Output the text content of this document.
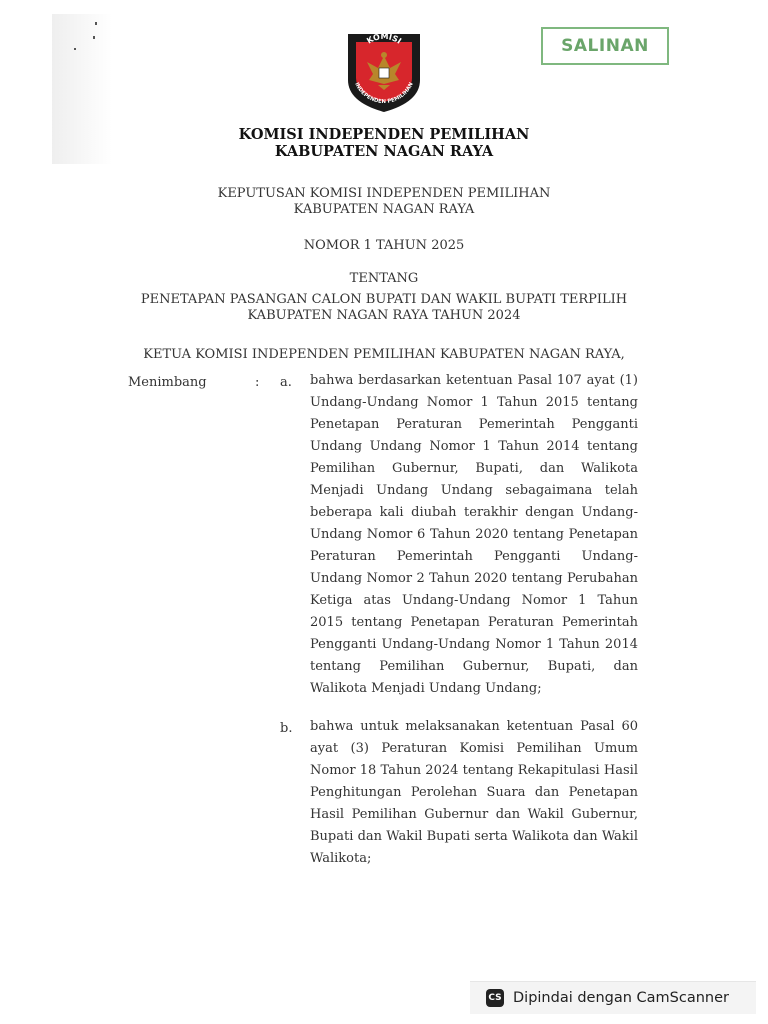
KOMISI
INDEPENDEN PEMILIHAN
SALINAN
KOMISI INDEPENDEN PEMILIHAN
KABUPATEN NAGAN RAYA
KEPUTUSAN KOMISI INDEPENDEN PEMILIHAN
KABUPATEN NAGAN RAYA
NOMOR 1 TAHUN 2025
TENTANG
PENETAPAN PASANGAN CALON BUPATI DAN WAKIL BUPATI TERPILIH
KABUPATEN NAGAN RAYA TAHUN 2024
KETUA KOMISI INDEPENDEN PEMILIHAN KABUPATEN NAGAN RAYA,
Menimbang	: a. bahwa berdasarkan ketentuan Pasal 107 ayat (1) Undang-Undang Nomor 1 Tahun 2015 tentang Penetapan Peraturan Pemerintah Pengganti Undang Undang Nomor 1 Tahun 2014 tentang Pemilihan Gubernur, Bupati, dan Walikota Menjadi Undang Undang sebagaimana telah beberapa kali diubah terakhir dengan Undang-Undang Nomor 6 Tahun 2020 tentang Penetapan Peraturan Pemerintah Pengganti Undang-Undang Nomor 2 Tahun 2020 tentang Perubahan Ketiga atas Undang-Undang Nomor 1 Tahun 2015 tentang Penetapan Peraturan Pemerintah Pengganti Undang-Undang Nomor 1 Tahun 2014 tentang Pemilihan Gubernur, Bupati, dan Walikota Menjadi Undang Undang;
b. bahwa untuk melaksanakan ketentuan Pasal 60 ayat (3) Peraturan Komisi Pemilihan Umum Nomor 18 Tahun 2024 tentang Rekapitulasi Hasil Penghitungan Perolehan Suara dan Penetapan Hasil Pemilihan Gubernur dan Wakil Gubernur, Bupati dan Wakil Bupati serta Walikota dan Wakil Walikota;
CS Dipindai dengan CamScanner
